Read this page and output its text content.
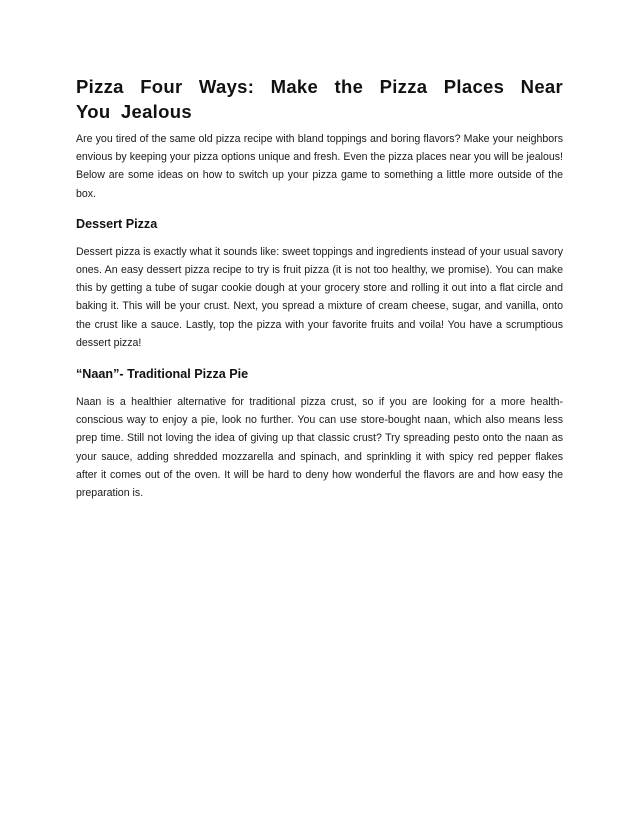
Pizza Four Ways: Make the Pizza Places Near You Jealous

Are you tired of the same old pizza recipe with bland toppings and boring flavors? Make your neighbors envious by keeping your pizza options unique and fresh. Even the pizza places near you will be jealous! Below are some ideas on how to switch up your pizza game to something a little more outside of the box.

Dessert Pizza

Dessert pizza is exactly what it sounds like: sweet toppings and ingredients instead of your usual savory ones. An easy dessert pizza recipe to try is fruit pizza (it is not too healthy, we promise). You can make this by getting a tube of sugar cookie dough at your grocery store and rolling it out into a flat circle and baking it. This will be your crust. Next, you spread a mixture of cream cheese, sugar, and vanilla, onto the crust like a sauce. Lastly, top the pizza with your favorite fruits and voila! You have a scrumptious dessert pizza!

“Naan”- Traditional Pizza Pie

Naan is a healthier alternative for traditional pizza crust, so if you are looking for a more health-conscious way to enjoy a pie, look no further. You can use store-bought naan, which also means less prep time. Still not loving the idea of giving up that classic crust? Try spreading pesto onto the naan as your sauce, adding shredded mozzarella and spinach, and sprinkling it with spicy red pepper flakes after it comes out of the oven. It will be hard to deny how wonderful the flavors are and how easy the preparation is.
